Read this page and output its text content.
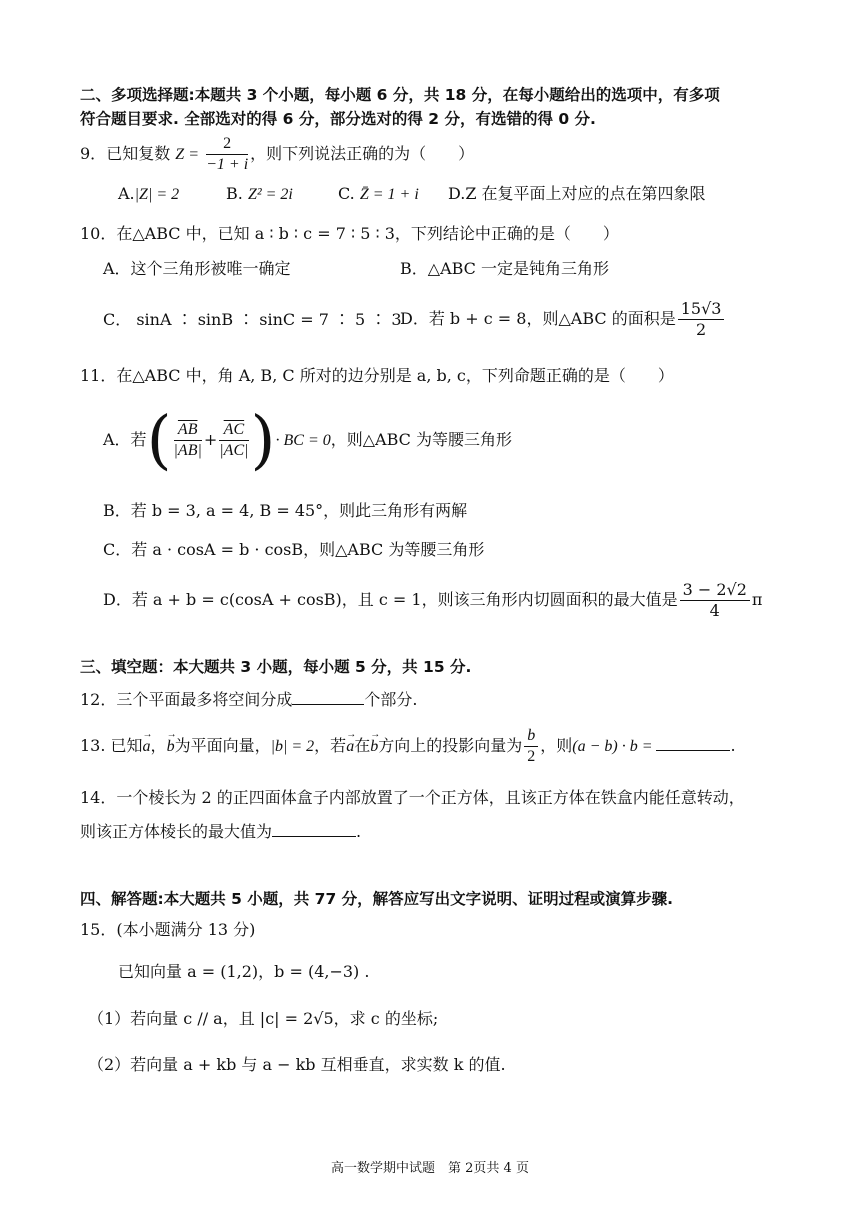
二、多项选择题:本题共 3 个小题，每小题 6 分，共 18 分，在每小题给出的选项中，有多项
符合题目要求. 全部选对的得 6 分，部分选对的得 2 分，有选错的得 0 分.
9．已知复数 $Z = \frac{2}{-1 + i}$ ，则下列说法正确的为（　　）
A.|Z| = 2	B. Z² = 2i	C. Z̄ = 1 + i D.Z 在复平面上对应的点在第四象限
10．在△ABC 中，已知 a ∶ b ∶ c = 7 ∶ 5 ∶ 3，下列结论中正确的是（　　）
A．这个三角形被唯一确定	B．△ABC 一定是钝角三角形
C． sinA ∶ sinB ∶ sinC = 7 ∶ 5 ∶ 3
D．若 b + c = 8，则△ABC 的面积是 $\frac{15√3}{2}$
11．在△ABC 中，角 A, B, C 所对的边分别是 a, b, c，下列命题正确的是（　　）
A．若( $\frac{\overline{AB}}{|AB|} + \frac{\overline{AC}}{|AC|}$ )· BC = 0，则△ABC 为等腰三角形
B．若 b = 3, a = 4, B = 45°，则此三角形有两解
C．若 a · cosA = b · cosB，则△ABC 为等腰三角形
D．若 a + b = c(cosA + cosB)，且 c = 1，则该三角形内切圆面积的最大值是 $\frac{3 - 2√2}{4}$ π
三、填空题：本大题共 3 小题，每小题 5 分，共 15 分.
12．三个平面最多将空间分成	个部分.
13. 已知a →，b →为平面向量，|b| = 2，若a →在b →方向上的投影向量为 $\frac{b}{2}$ ，则(a − b) · b =	.
14．一个棱长为 2 的正四面体盒子内部放置了一个正方体，且该正方体在铁盒内能任意转动，
则该正方体棱长的最大值为	.
四、解答题:本大题共 5 小题，共 77 分，解答应写出文字说明、证明过程或演算步骤.
15．(本小题满分 13 分)
已知向量 a = (1,2)，b = (4,−3) .
（1）若向量 c // a，且 |c| = 2√5，求 c 的坐标;
（2）若向量 a + kb 与 a − kb 互相垂直，求实数 k 的值.
高一数学期中试题　第 2页共 4 页
